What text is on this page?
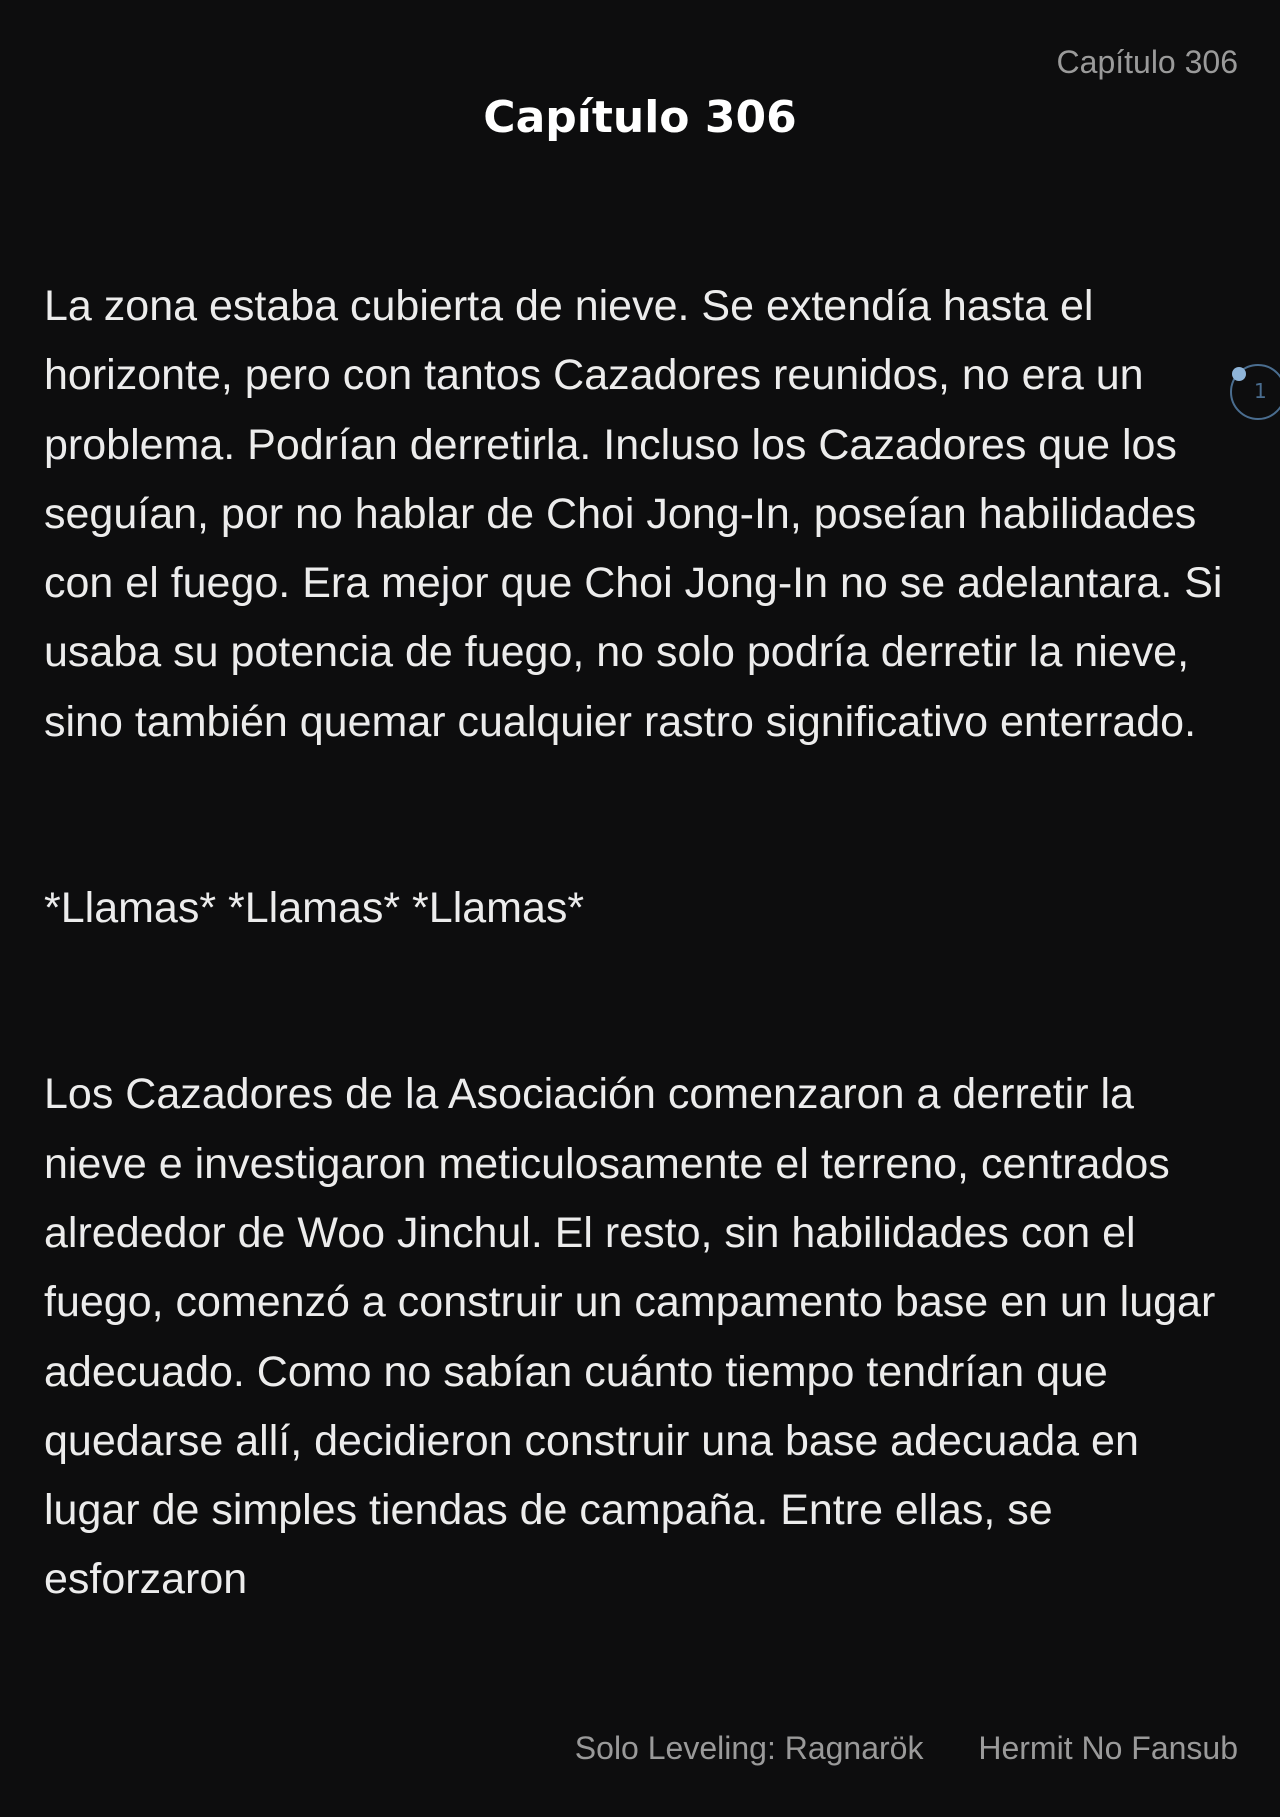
Capítulo 306
Capítulo 306

La zona estaba cubierta de nieve. Se extendía hasta el horizonte, pero con tantos Cazadores reunidos, no era un problema. Podrían derretirla. Incluso los Cazadores que los seguían, por no hablar de Choi Jong-In, poseían habilidades con el fuego. Era mejor que Choi Jong-In no se adelantara. Si usaba su potencia de fuego, no solo podría derretir la nieve, sino también quemar cualquier rastro significativo enterrado.

*Llamas* *Llamas* *Llamas*

Los Cazadores de la Asociación comenzaron a derretir la nieve e investigaron meticulosamente el terreno, centrados alrededor de Woo Jinchul. El resto, sin habilidades con el fuego, comenzó a construir un campamento base en un lugar adecuado. Como no sabían cuánto tiempo tendrían que quedarse allí, decidieron construir una base adecuada en lugar de simples tiendas de campaña. Entre ellas, se esforzaron

1
Solo Leveling: Ragnarök Hermit No Fansub
